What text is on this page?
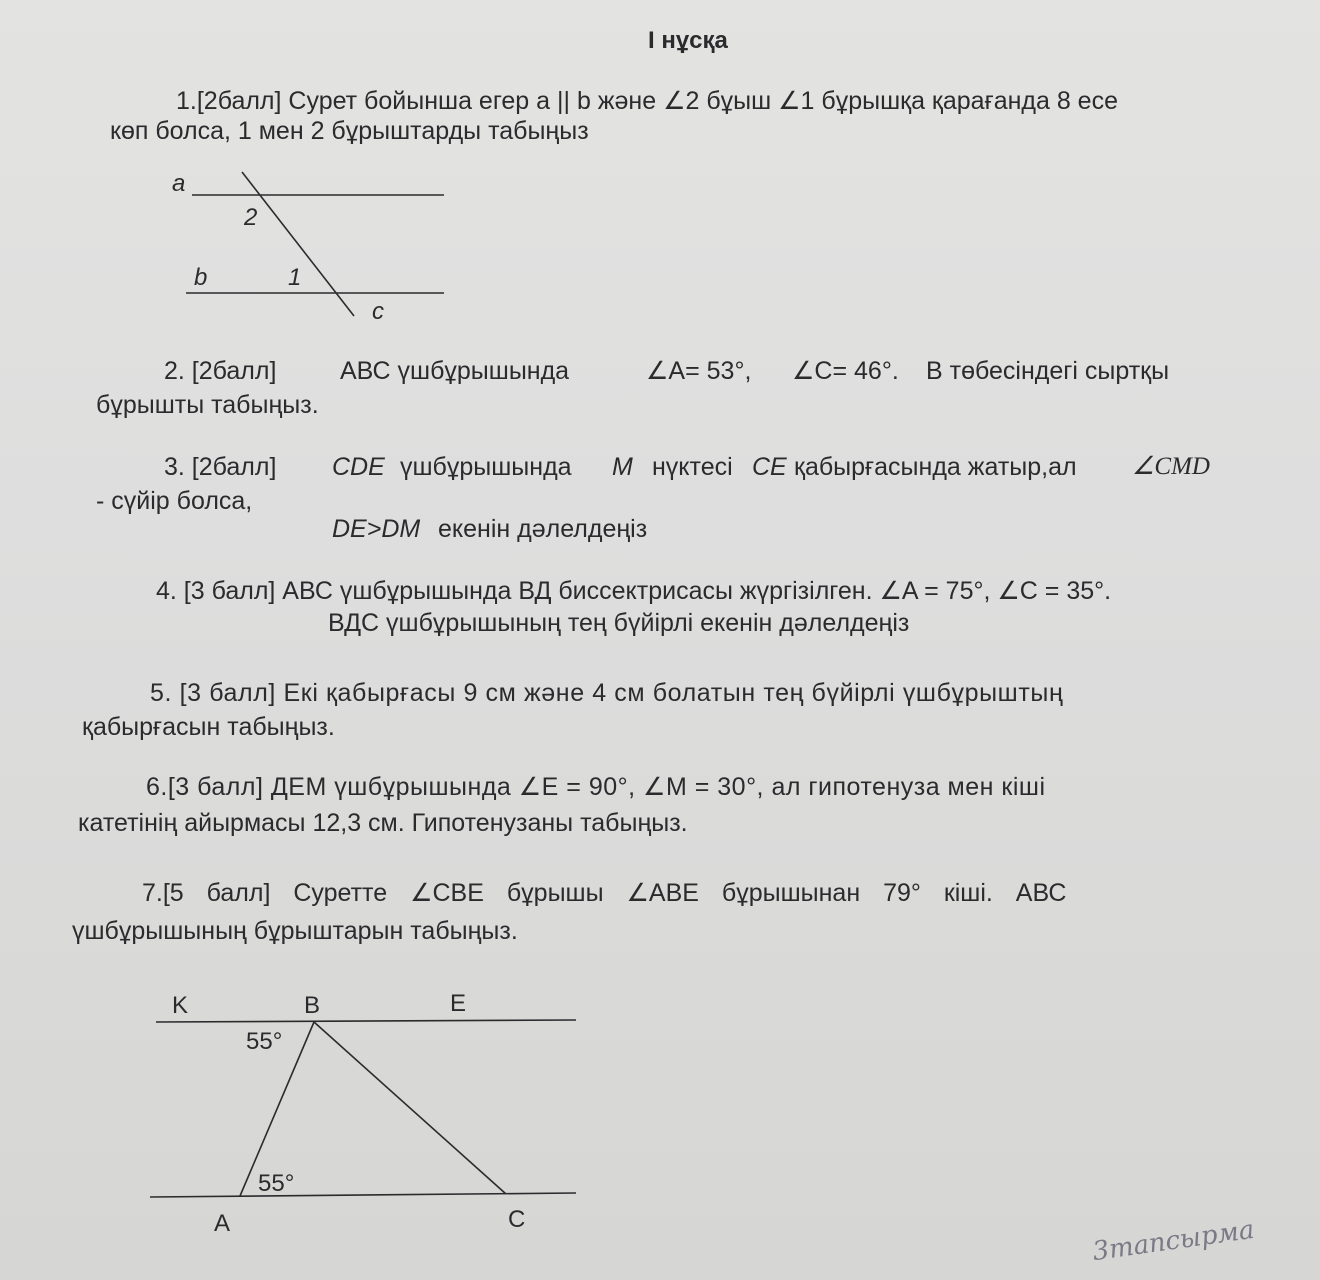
І нұсқа
1.[2балл] Сурет бойынша егер а || b және ∠2 бұыш ∠1 бұрышқа қарағанда 8 есе
көп болса, 1 мен 2 бұрыштарды табыңыз
a
2
b	1
c
2. [2балл]	АВС үшбұрышында	∠A= 53°, ∠C= 46°. В төбесіндегі сыртқы
бұрышты табыңыз.
3. [2балл] CDE үшбұрышында M нүктесі CE қабырғасында жатыр,ал ∠CMD
- сүйір болса,
DE>DM екенін дәлелдеңіз
4. [3 балл] АВС үшбұрышында ВД биссектрисасы жүргізілген. ∠A = 75°, ∠C = 35°.
ВДС үшбұрышының тең бүйірлі екенін дәлелдеңіз
5. [3 балл] Екі қабырғасы 9 см және 4 см болатын тең бүйірлі үшбұрыштың
қабырғасын табыңыз.
6.[3 балл] ДЕМ үшбұрышында ∠E = 90°, ∠M = 30°, ал гипотенуза мен кіші
катетінің айырмасы 12,3 см. Гипотенузаны табыңыз.
7.[5 балл] Суретте ∠CBE бұрышы ∠ABE бұрышынан 79° кіші. АВС
үшбұрышының бұрыштарын табыңыз.
K	B	E
55°
55°
A	C	3тапсырма
